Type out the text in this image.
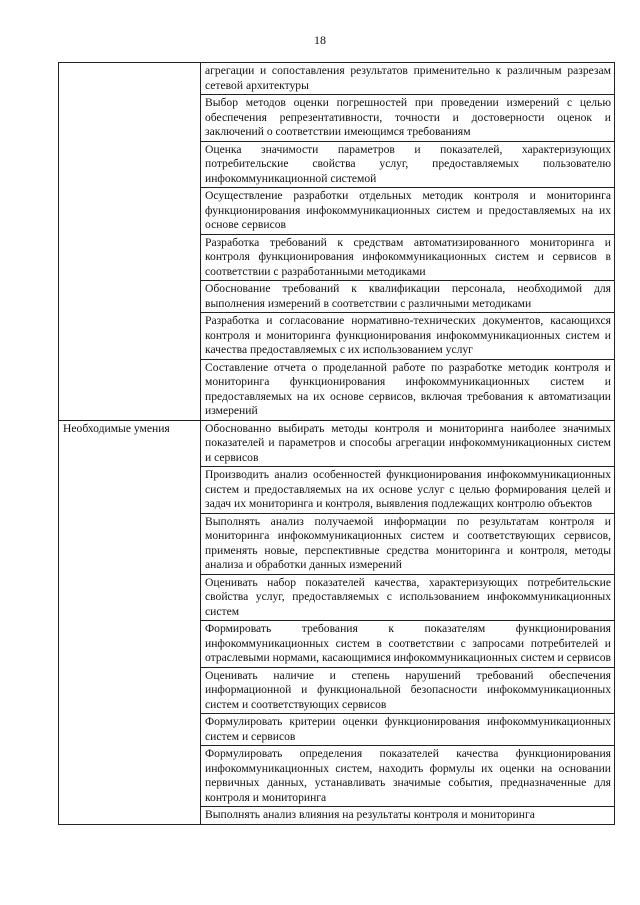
18
	агрегации и сопоставления результатов применительно к различным разрезам сетевой архитектуры
	Выбор методов оценки погрешностей при проведении измерений с целью обеспечения репрезентативности, точности и достоверности оценок и заключений о соответствии имеющимся требованиям
	Оценка значимости параметров и показателей, характеризующих потребительские свойства услуг, предоставляемых пользователю инфокоммуникационной системой
	Осуществление разработки отдельных методик контроля и мониторинга функционирования инфокоммуникационных систем и предоставляемых на их основе сервисов
	Разработка требований к средствам автоматизированного мониторинга и контроля функционирования инфокоммуникационных систем и сервисов в соответствии с разработанными методиками
	Обоснование требований к квалификации персонала, необходимой для выполнения измерений в соответствии с различными методиками
	Разработка и согласование нормативно-технических документов, касающихся контроля и мониторинга функционирования инфокоммуникационных систем и качества предоставляемых с их использованием услуг
	Составление отчета о проделанной работе по разработке методик контроля и мониторинга функционирования инфокоммуникационных систем и предоставляемых на их основе сервисов, включая требования к автоматизации измерений
Необходимые умения	Обоснованно выбирать методы контроля и мониторинга наиболее значимых показателей и параметров и способы агрегации инфокоммуникационных систем и сервисов
	Производить анализ особенностей функционирования инфокоммуникационных систем и предоставляемых на их основе услуг с целью формирования целей и задач их мониторинга и контроля, выявления подлежащих контролю объектов
	Выполнять анализ получаемой информации по результатам контроля и мониторинга инфокоммуникационных систем и соответствующих сервисов, применять новые, перспективные средства мониторинга и контроля, методы анализа и обработки данных измерений
	Оценивать набор показателей качества, характеризующих потребительские свойства услуг, предоставляемых с использованием инфокоммуникационных систем
	Формировать требования к показателям функционирования инфокоммуникационных систем в соответствии с запросами потребителей и отраслевыми нормами, касающимися инфокоммуникационных систем и сервисов
	Оценивать наличие и степень нарушений требований обеспечения информационной и функциональной безопасности инфокоммуникационных систем и соответствующих сервисов
	Формулировать критерии оценки функционирования инфокоммуникационных систем и сервисов
	Формулировать определения показателей качества функционирования инфокоммуникационных систем, находить формулы их оценки на основании первичных данных, устанавливать значимые события, предназначенные для контроля и мониторинга
	Выполнять анализ влияния на результаты контроля и мониторинга
